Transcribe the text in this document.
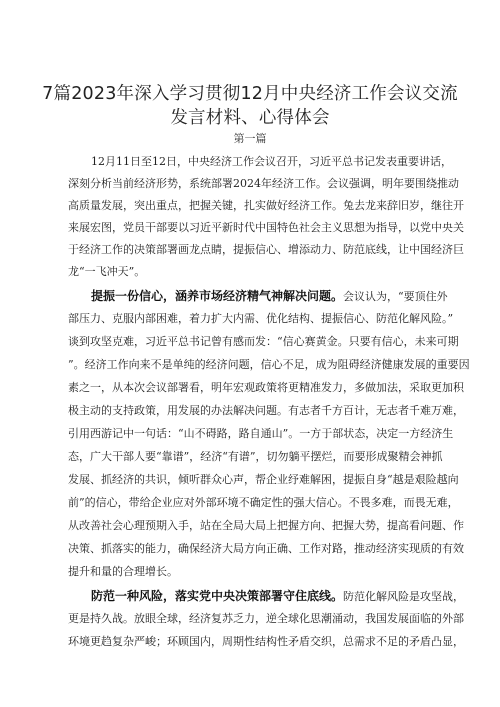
7篇2023年深入学习贯彻12月中央经济工作会议交流
发言材料、心得体会
第一篇
12月11日至12日，中央经济工作会议召开，习近平总书记发表重要讲话，
深刻分析当前经济形势，系统部署2024年经济工作。会议强调，明年要围绕推动
高质量发展，突出重点，把握关键，扎实做好经济工作。兔去龙来辞旧岁，继往开
来展宏图，党员干部要以习近平新时代中国特色社会主义思想为指导，以党中央关
于经济工作的决策部署画龙点睛，提振信心、增添动力、防范底线，让中国经济巨
龙“一飞冲天”。
提振一份信心，涵养市场经济精气神解决问题。会议认为，“要顶住外
部压力、克服内部困难，着力扩大内需、优化结构、提振信心、防范化解风险。”
谈到攻坚克难，习近平总书记曾有感而发：“信心赛黄金。只要有信心，未来可期
”。经济工作向来不是单纯的经济问题，信心不足，成为阻碍经济健康发展的重要因
素之一，从本次会议部署看，明年宏观政策将更精准发力，多做加法，采取更加积
极主动的支持政策，用发展的办法解决问题。有志者千方百计，无志者千难万难，
引用西游记中一句话：“山不碍路，路自通山”。一方于部状态，决定一方经济生
态，广大干部人要“靠谱”，经济“有谱”，切勿躺平摆烂，而要形成聚精会神抓
发展、抓经济的共识，倾听群众心声，帮企业纾难解困，提振自身“越是艰险越向
前”的信心，带给企业应对外部环境不确定性的强大信心。不畏多难，而畏无难，
从改善社会心理预期入手，站在全局大局上把握方向、把握大势，提高看问题、作
决策、抓落实的能力，确保经济大局方向正确、工作对路，推动经济实现质的有效
提升和量的合理增长。
防范一种风险，落实党中央决策部署守住底线。防范化解风险是攻坚战，
更是持久战。放眼全球，经济复苏乏力，逆全球化思潮涌动，我国发展面临的外部
环境更趋复杂严峻；环顾国内，周期性结构性矛盾交织，总需求不足的矛盾凸显，
